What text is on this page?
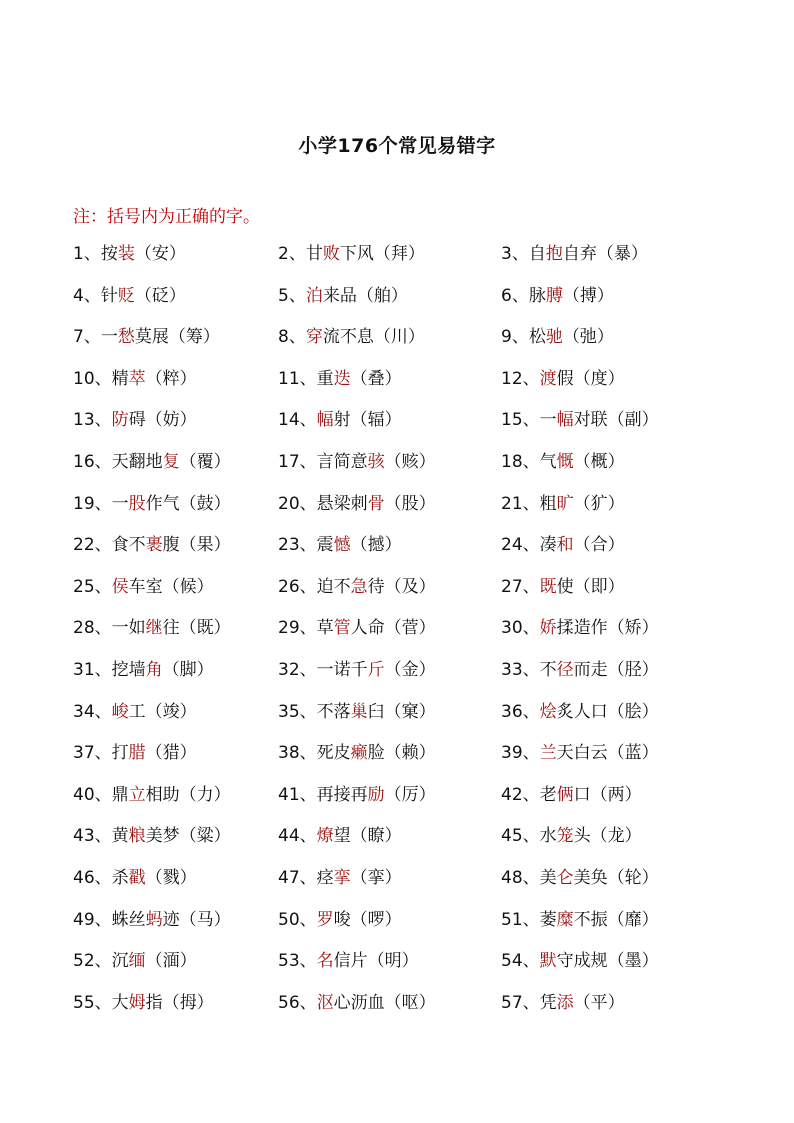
小学176个常见易错字
注：括号内为正确的字。
1、按装（安）	2、甘败下风（拜）	3、自抱自弃（暴）
4、针贬（砭）	5、泊来品（舶）	6、脉膊（搏）
7、一愁莫展（筹）	8、穿流不息（川）	9、松驰（弛）
10、精萃（粹）	11、重迭（叠）	12、渡假（度）
13、防碍（妨）	14、幅射（辐）	15、一幅对联（副）
16、天翻地复（覆）	17、言简意骇（赅）	18、气慨（概）
19、一股作气（鼓）	20、悬梁刺骨（股）	21、粗旷（犷）
22、食不裹腹（果）	23、震憾（撼）	24、凑和（合）
25、侯车室（候）	26、迫不急待（及）	27、既使（即）
28、一如继往（既）	29、草管人命（菅）	30、娇揉造作（矫）
31、挖墙角（脚）	32、一诺千斤（金）	33、不径而走（胫）
34、峻工（竣）	35、不落巢臼（窠）	36、烩炙人口（脍）
37、打腊（猎）	38、死皮癞脸（赖）	39、兰天白云（蓝）
40、鼎立相助（力）	41、再接再励（厉）	42、老俩口（两）
43、黄粮美梦（粱）	44、燎望（瞭）	45、水笼头（龙）
46、杀戳（戮）	47、痉挛（挛）	48、美仑美奂（轮）
49、蛛丝蚂迹（马）	50、罗唆（啰）	51、萎糜不振（靡）
52、沉缅（湎）	53、名信片（明）	54、默守成规（墨）
55、大姆指（拇）	56、沤心沥血（呕）	57、凭添（平）
